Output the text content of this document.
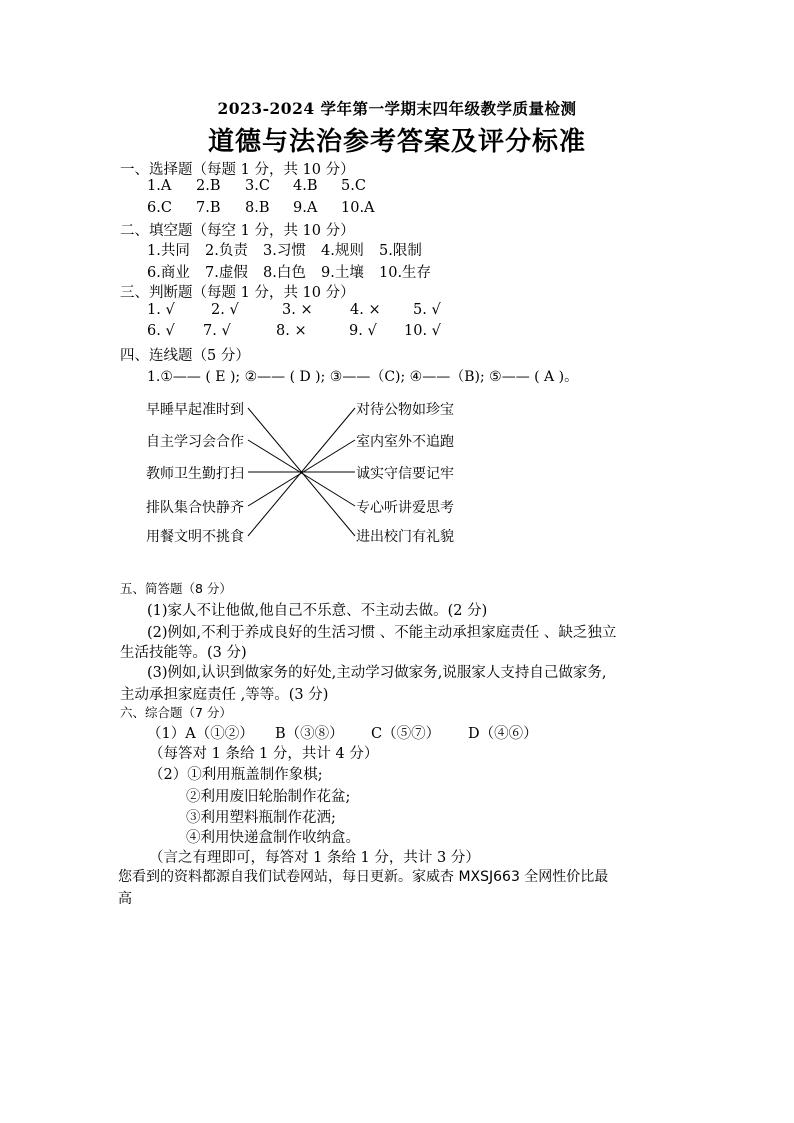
2023-2024 学年第一学期末四年级教学质量检测
道德与法治参考答案及评分标准
一、选择题（每题 1 分，共 10 分）
1.A 2.B 3.C 4.B 5.C
6.C 7.B 8.B 9.A 10.A
二、填空题（每空 1 分，共 10 分）
1.共同 2.负责 3.习惯 4.规则 5.限制
6.商业 7.虚假 8.白色 9.土壤 10.生存
三、判断题（每题 1 分，共 10 分）
1. √	2. √	3. ×	4. × 5. √
6. √ 7. √	8. ×	9. √ 10. √
四、连线题（5 分）
1.①—— ( E ); ②—— ( D ); ③——（C); ④——（B); ⑤—— ( A )。
早睡早起准时到
自主学习会合作
教师卫生勤打扫
排队集合快静齐
用餐文明不挑食
对待公物如珍宝
室内室外不追跑
诚实守信要记牢
专心听讲爱思考
进出校门有礼貌
五、简答题（8 分）
(1)家人不让他做,他自己不乐意、不主动去做。(2 分)
(2)例如,不利于养成良好的生活习惯 、不能主动承担家庭责任 、缺乏独立
生活技能等。(3 分)
(3)例如,认识到做家务的好处,主动学习做家务,说服家人支持自己做家务,
主动承担家庭责任 ,等等。(3 分)
六、综合题（7 分）
（1）A（①②） B（③⑧） C（⑤⑦） D（④⑥）
（每答对 1 条给 1 分，共计 4 分）
（2）①利用瓶盖制作象棋;
②利用废旧轮胎制作花盆;
③利用塑料瓶制作花洒;
④利用快递盒制作收纳盒。
（言之有理即可，每答对 1 条给 1 分，共计 3 分）
您看到的资料都源自我们试卷网站，每日更新。家威杏 MXSJ663 全网性价比最
高
